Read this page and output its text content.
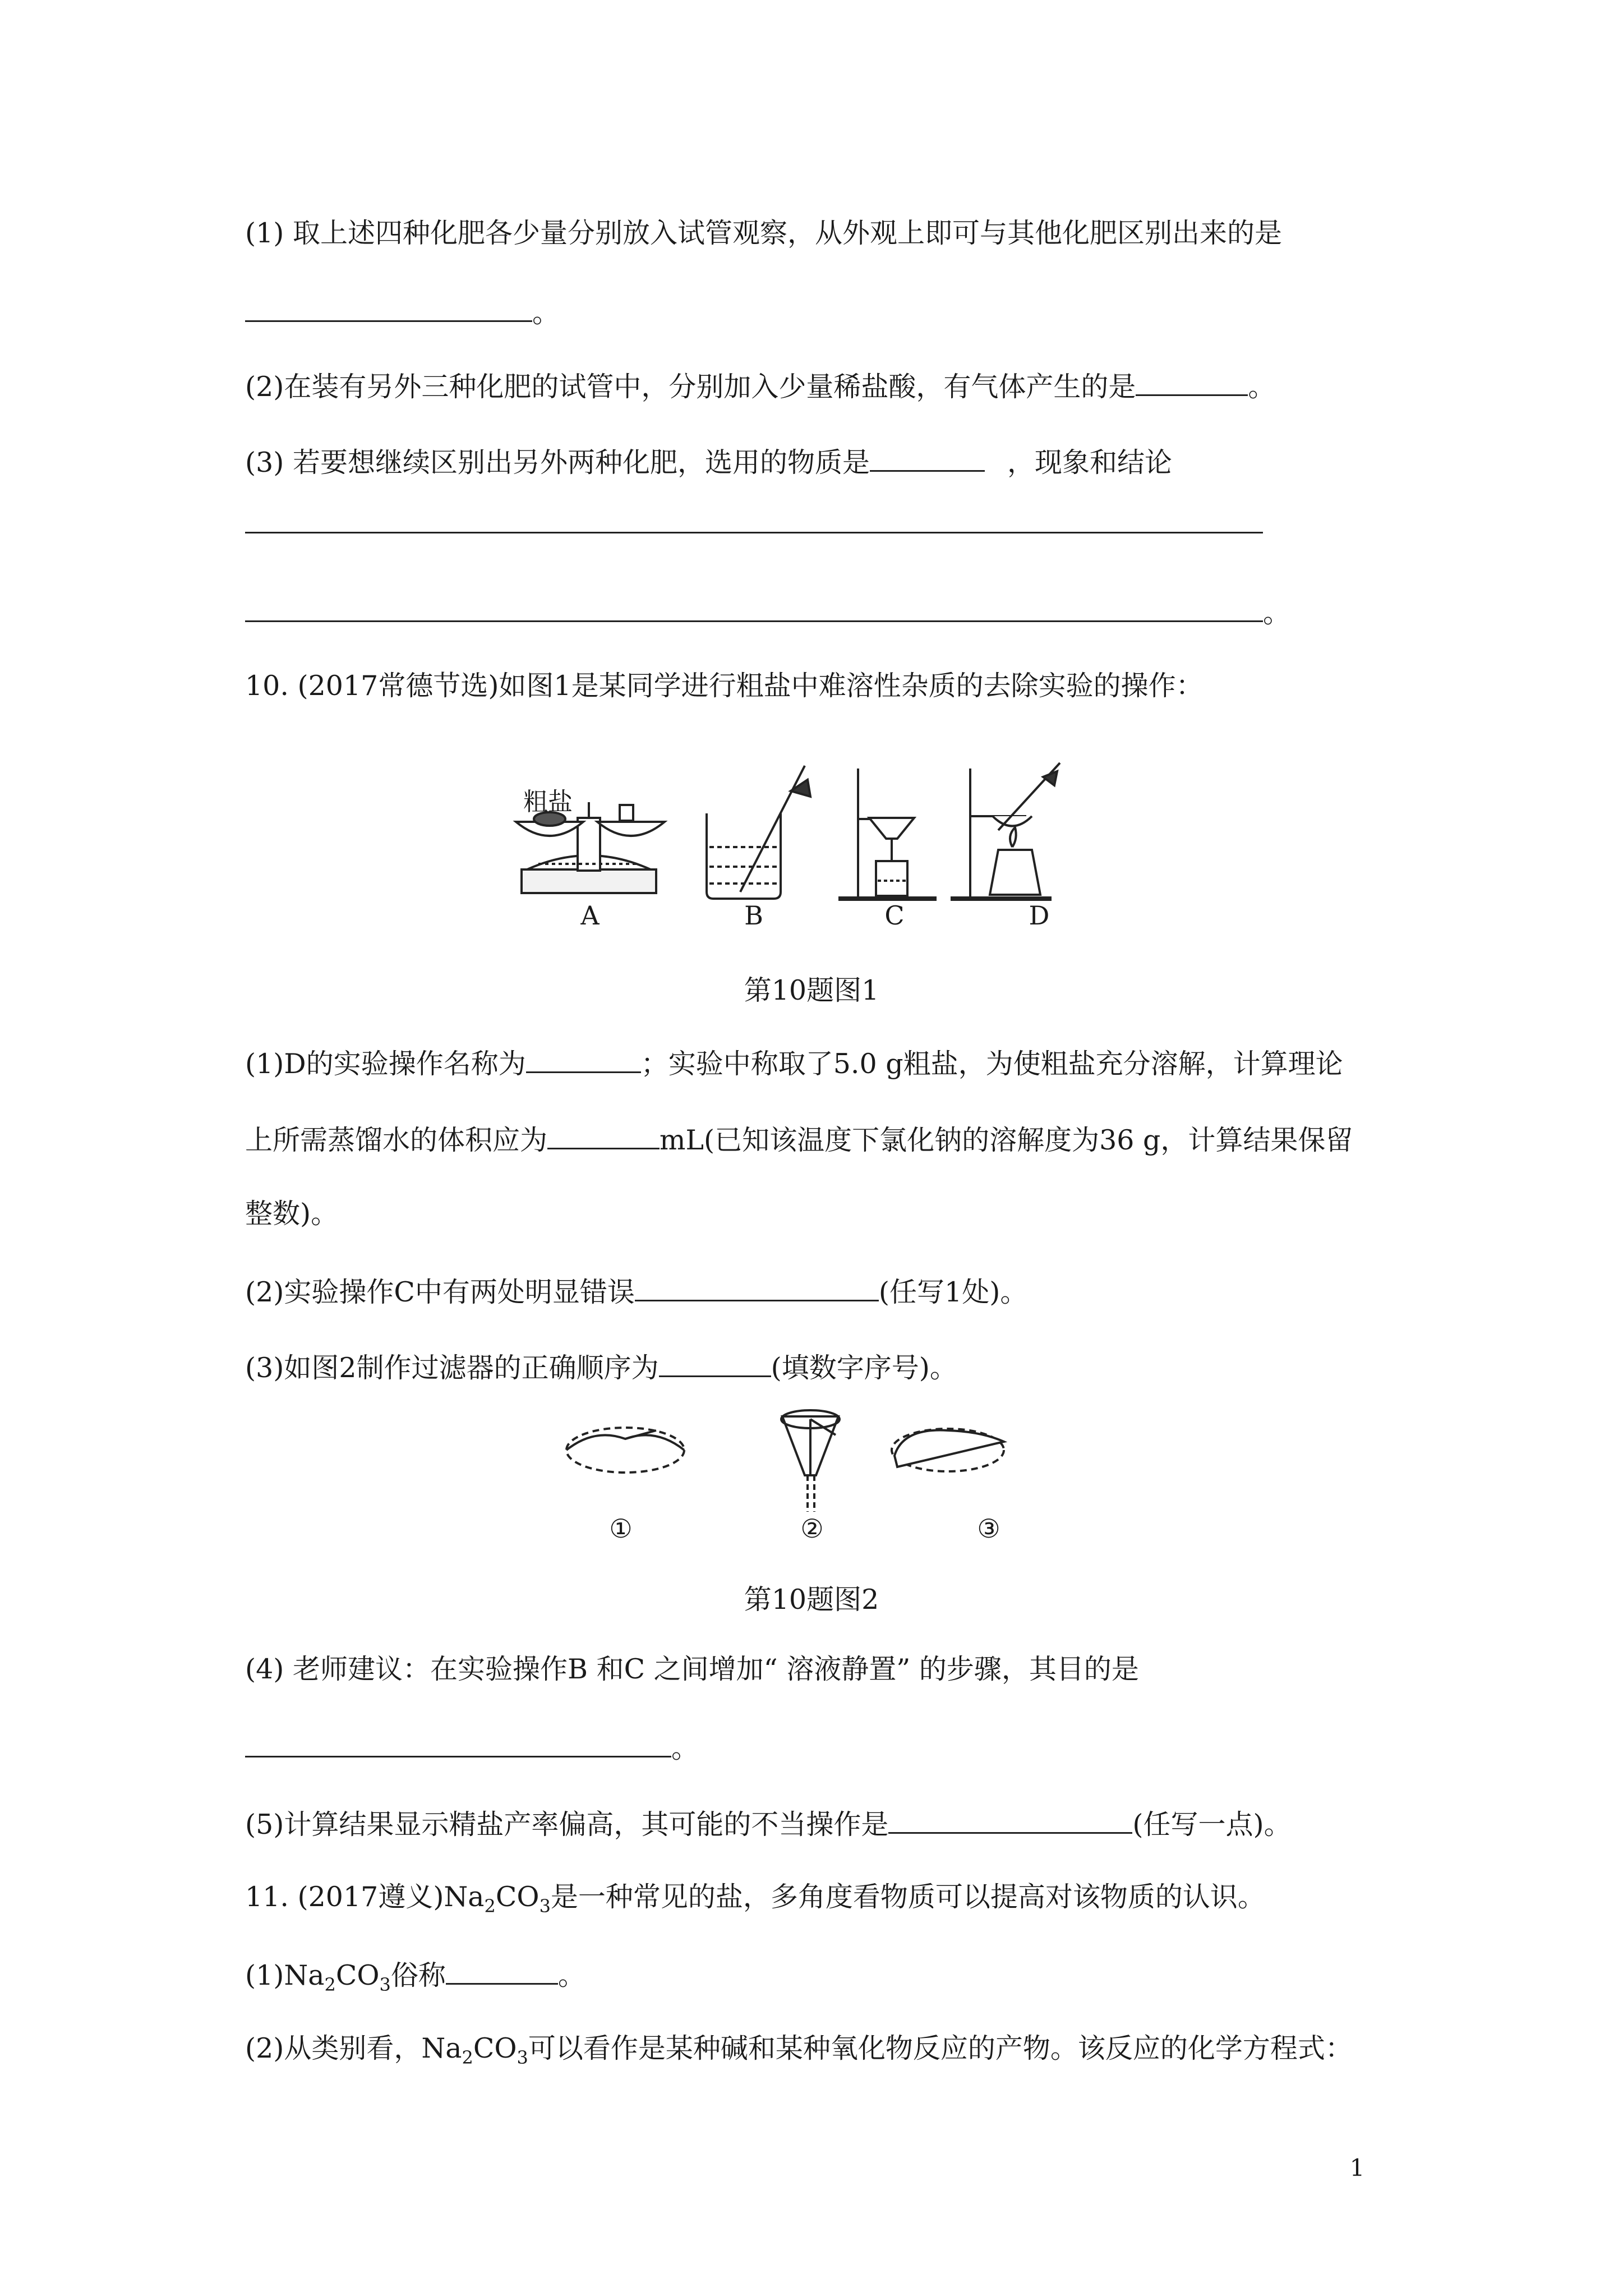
(1) 取上述四种化肥各少量分别放入试管观察，从外观上即可与其他化肥区别出来的是
。
(2)在装有另外三种化肥的试管中，分别加入少量稀盐酸，有气体产生的是	。
(3) 若要想继续区别出另外两种化肥，选用的物质是	，现象和结论
。
10. (2017常德节选)如图1是某同学进行粗盐中难溶性杂质的去除实验的操作：
粗盐
A	B	C	D
第10题图1
(1)D的实验操作名称为	；实验中称取了5.0 g粗盐，为使粗盐充分溶解，计算理论
上所需蒸馏水的体积应为	mL(已知该温度下氯化钠的溶解度为36 g，计算结果保留
整数)。
(2)实验操作C中有两处明显错误	(任写1处)。
(3)如图2制作过滤器的正确顺序为	(填数字序号)。
①	②	③
第10题图2
(4) 老师建议：在实验操作B 和C 之间增加“ 溶液静置” 的步骤，其目的是
。
(5)计算结果显示精盐产率偏高，其可能的不当操作是	(任写一点)。
11. (2017遵义)$Na_2CO_3$是一种常见的盐，多角度看物质可以提高对该物质的认识。
$(1)Na_2CO_3$俗称	。
(2)从类别看，$Na_2CO_3$可以看作是某种碱和某种氧化物反应的产物。该反应的化学方程式：
1
